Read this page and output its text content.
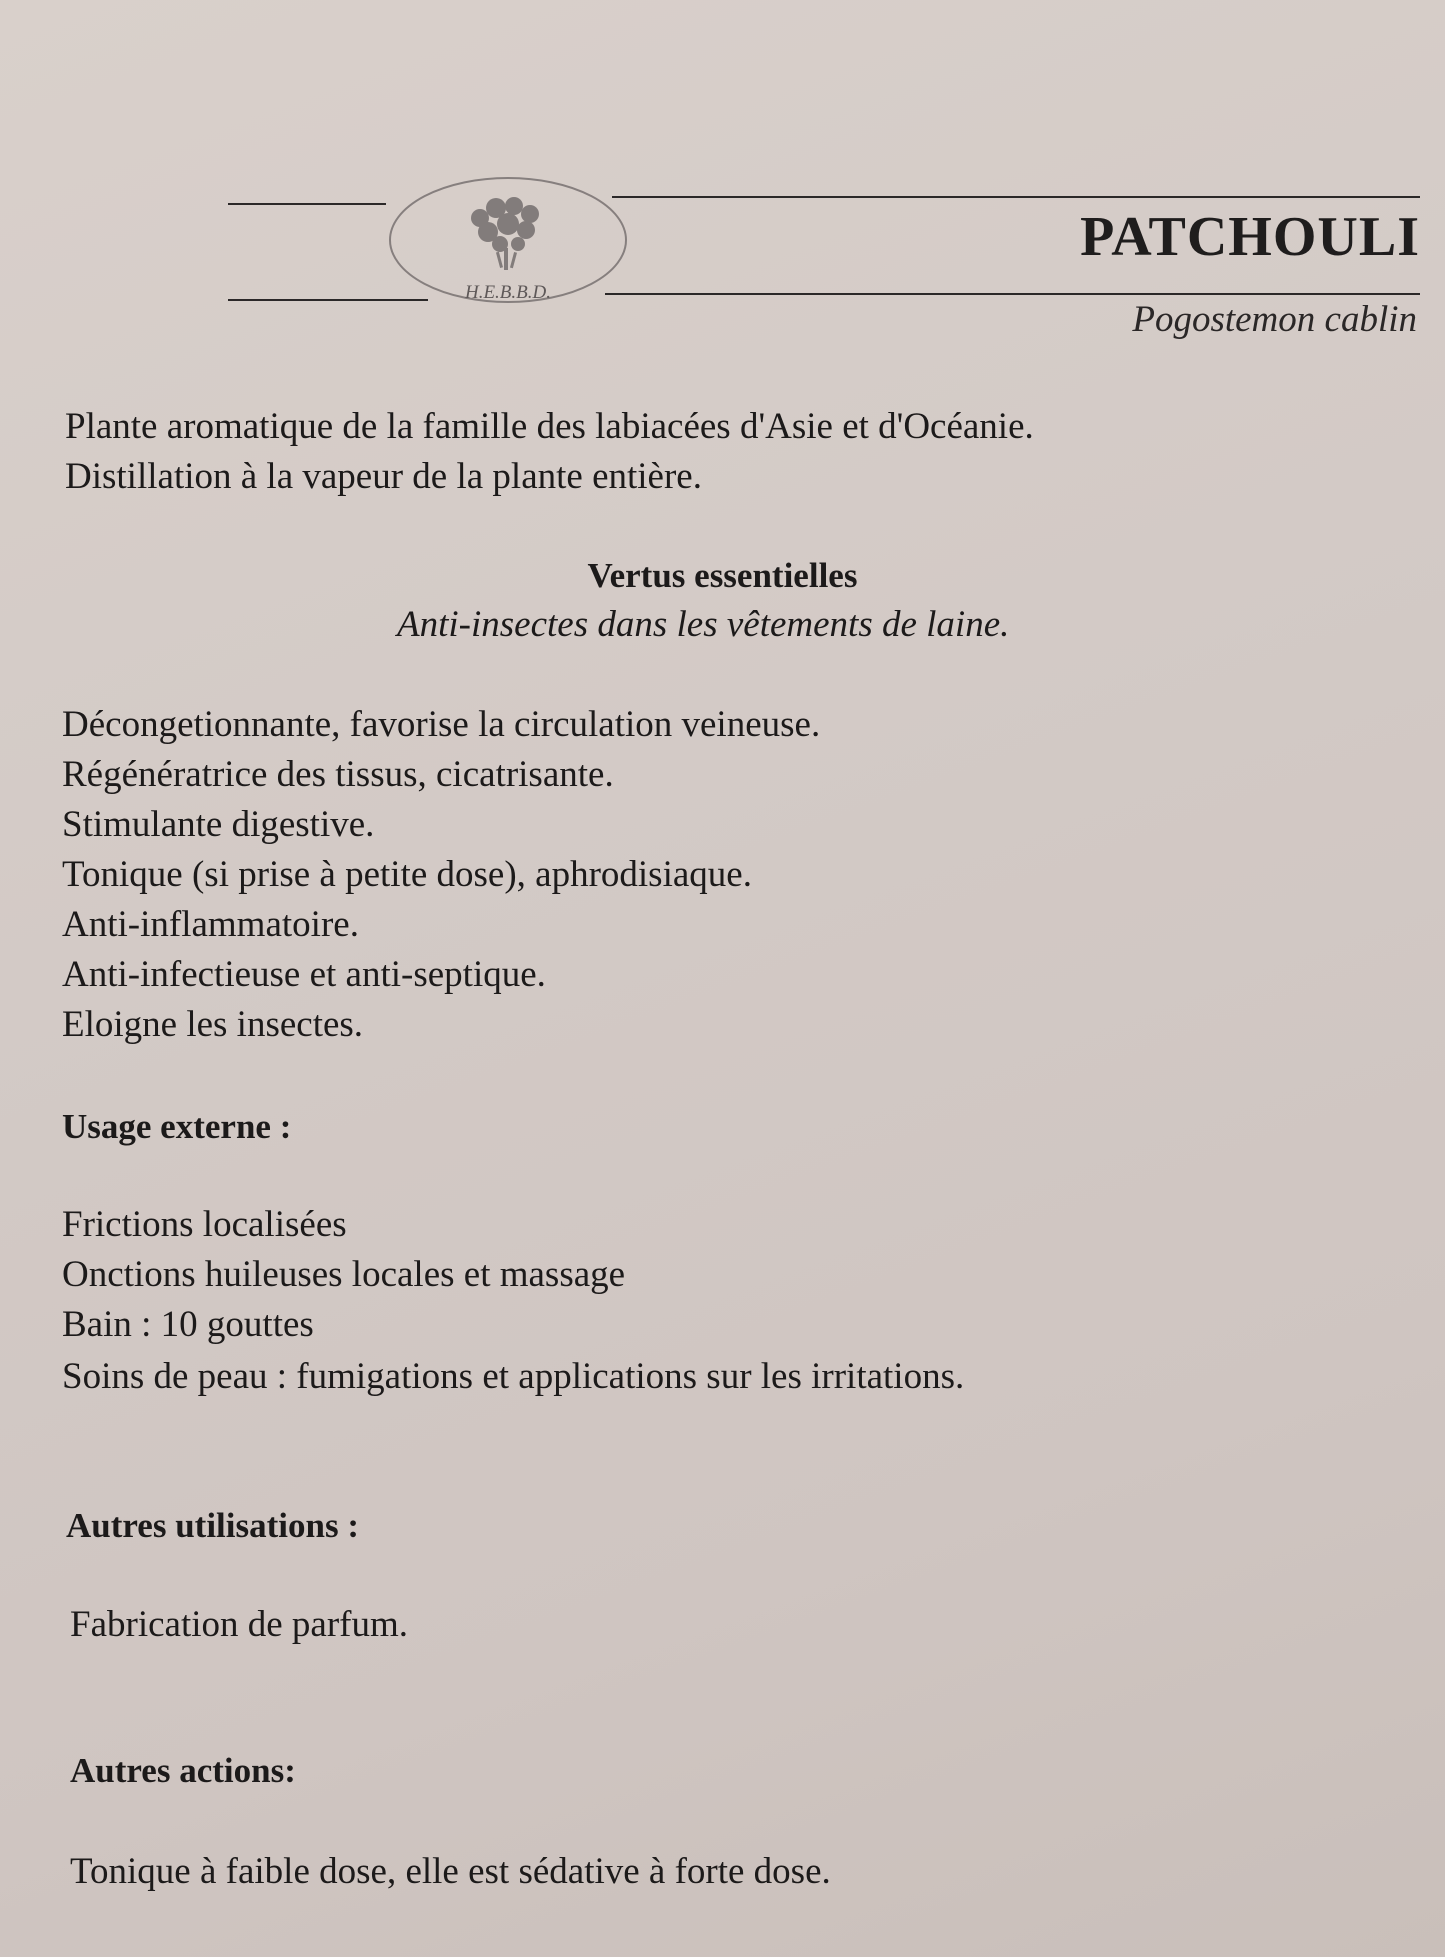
H.E.B.B.D.
PATCHOULI

Pogostemon cablin

Plante aromatique de la famille des labiacées d'Asie et d'Océanie.

Distillation à la vapeur de la plante entière.

Vertus essentielles

Anti-insectes dans les vêtements de laine.

Décongetionnante, favorise la circulation veineuse.

Régénératrice des tissus, cicatrisante.

Stimulante digestive.

Tonique (si prise à petite dose), aphrodisiaque.

Anti-inflammatoire.

Anti-infectieuse et anti-septique.

Eloigne les insectes.

Usage externe :

Frictions localisées

Onctions huileuses locales et massage

Bain : 10 gouttes

Soins de peau : fumigations et applications sur les irritations.

Autres utilisations :

Fabrication de parfum.

Autres actions:

Tonique à faible dose, elle est sédative à forte dose.
